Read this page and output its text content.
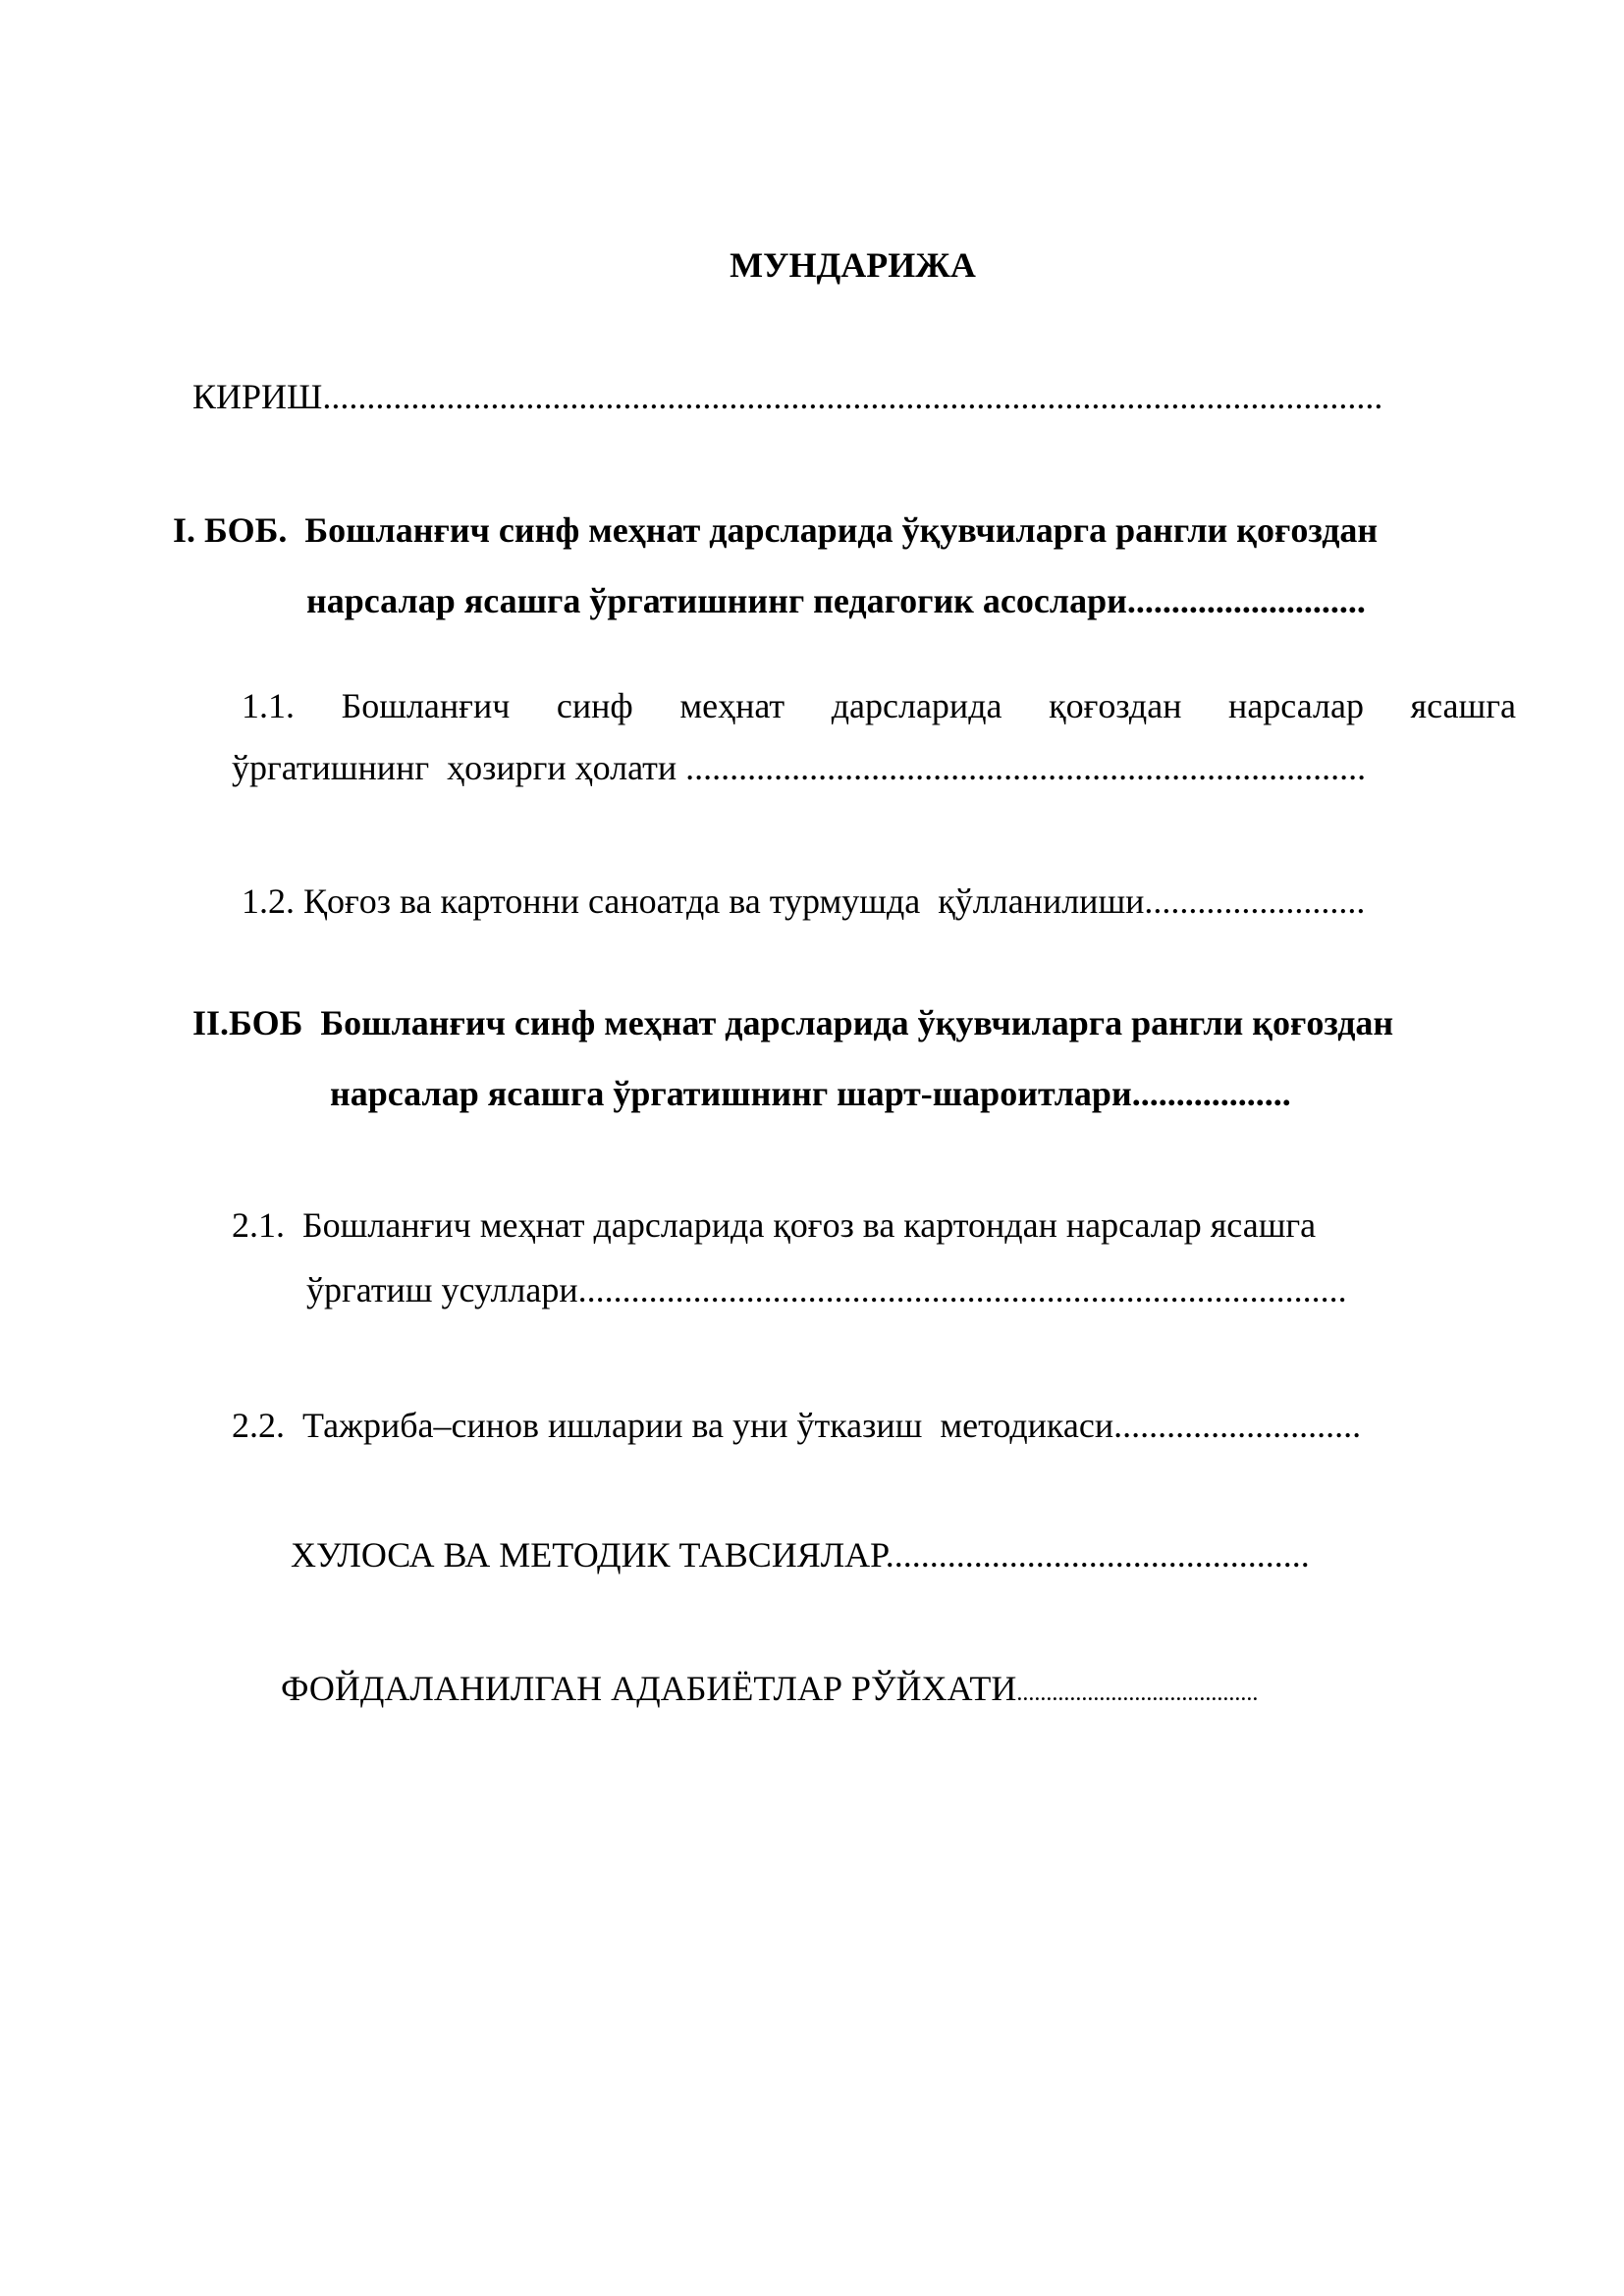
МУНДАРИЖА
КИРИШ........................................................................................................................
I. БОБ.  Бошланғич синф меҳнат дарсларида ўқувчиларга рангли қоғоздан
нарсалар ясашга ўргатишнинг педагогик асослари...........................
1.1. Бошланғич синф меҳнат дарсларида қоғоздан нарсалар ясашга
ўргатишнинг  ҳозирги ҳолати .............................................................................
1.2. Қоғоз ва картонни саноатда ва турмушда  қўлланилиши.........................
II.БОБ  Бошланғич синф меҳнат дарсларида ўқувчиларга рангли қоғоздан
нарсалар ясашга ўргатишнинг шарт-шароитлари..................
2.1.  Бошланғич меҳнат дарсларида қоғоз ва картондан нарсалар ясашга
ўргатиш усуллари.......................................................................................
2.2.  Тажриба–синов ишларии ва уни ўтказиш  методикаси............................
ХУЛОСА ВА МЕТОДИК ТАВСИЯЛАР................................................
ФОЙДАЛАНИЛГАН АДАБИЁТЛАР РЎЙХАТИ.........................................
